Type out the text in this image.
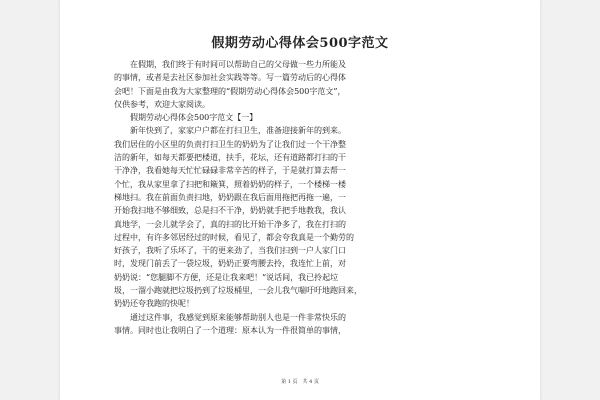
假期劳动心得体会500字范文
　　在假期，我们终于有时间可以帮助自己的父母做一些力所能及
的事情，或者是去社区参加社会实践等等。写一篇劳动后的心得体
会吧！下面是由我为大家整理的“假期劳动心得体会500字范文”，
仅供参考，欢迎大家阅读。
　　假期劳动心得体会500字范文【一】
　　新年快到了，家家户户都在打扫卫生，准备迎接新年的到来。
我们居住的小区里的负责打扫卫生的奶奶为了让我们过一个干净整
洁的新年，如每天都要把楼道，扶手，花坛，还有道路都打扫的干
干净净，我看她每天忙忙碌碌非常辛苦的样子，于是就打算去帮一
个忙，我从家里拿了扫把和簸箕，照着奶奶的样子，一个楼梯一楼
梯地扫。我在前面负责扫地，奶奶跟在我后面用拖把再拖一遍，一
开始我扫地不够细致，总是扫不干净，奶奶就手把手地教我，我认
真地学，一会儿就学会了，真的扫的比开始干净多了，我在打扫的
过程中，有许多邻居经过的时候，看见了，都会夸我真是一个勤劳的
好孩子，我听了乐坏了，干的更来劲了，当我们扫到一户人家门口
时，发现门前丢了一袋垃圾，奶奶正要弯腰去拎，我连忙上前，对
奶奶说：“您腿脚不方便，还是让我来吧！”说话间，我已拎起垃
圾，一溜小跑就把垃圾扔到了垃圾桶里，一会儿我气喘吁吁地跑回来，
奶奶还夸我跑的快呢！
　　通过这件事，我感觉到原来能够帮助别人也是一件非常快乐的
事情。同时也让我明白了一个道理：原本认为一件很简单的事情，
第 1 页　共 4 页
